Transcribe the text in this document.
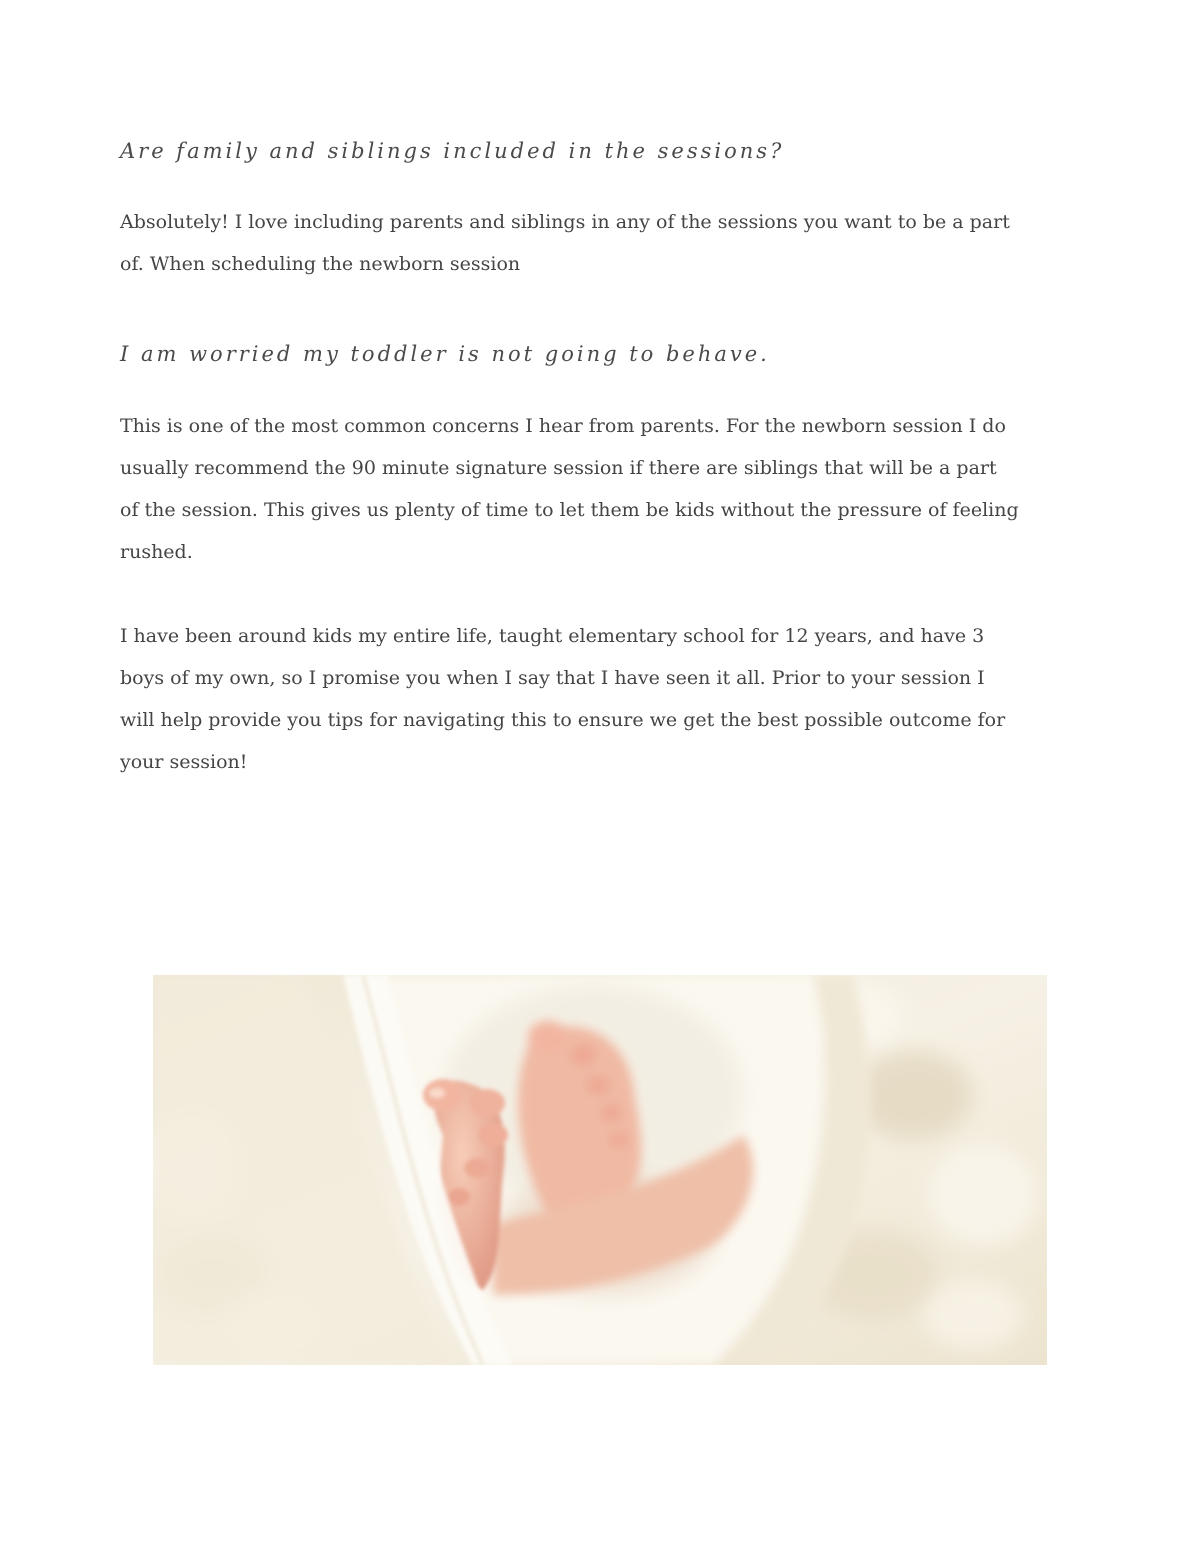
Are family and siblings included in the sessions?

Absolutely! I love including parents and siblings in any of the sessions you want to be a part of. When scheduling the newborn session

I am worried my toddler is not going to behave.

This is one of the most common concerns I hear from parents. For the newborn session I do usually recommend the 90 minute signature session if there are siblings that will be a part of the session. This gives us plenty of time to let them be kids without the pressure of feeling rushed.

I have been around kids my entire life, taught elementary school for 12 years, and have 3 boys of my own, so I promise you when I say that I have seen it all. Prior to your session I will help provide you tips for navigating this to ensure we get the best possible outcome for your session!
